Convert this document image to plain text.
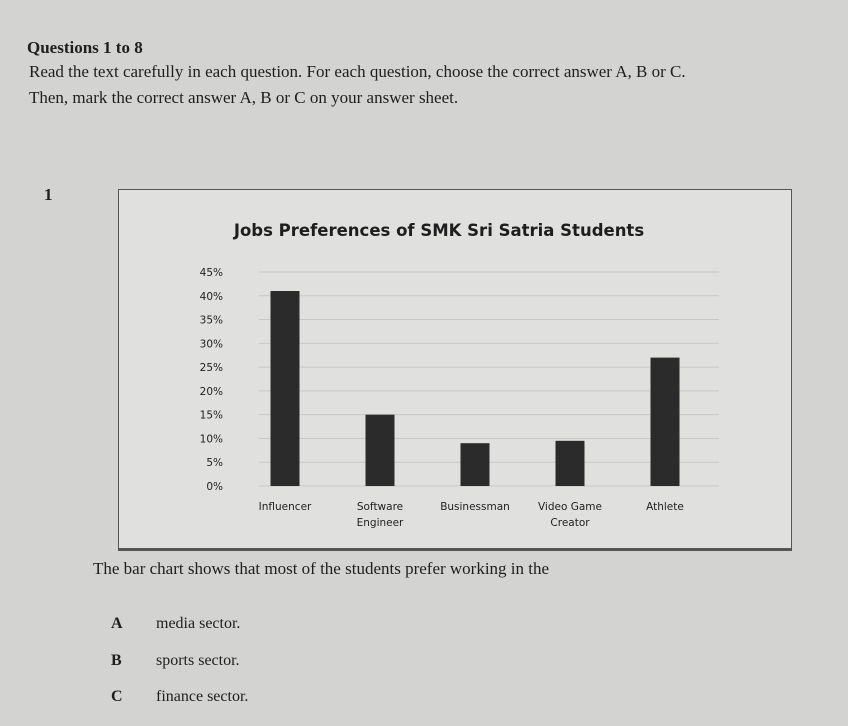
Questions 1 to 8

Read the text carefully in each question. For each question, choose the correct answer A, B or C.

Then, mark the correct answer A, B or C on your answer sheet.

1
Jobs Preferences of SMK Sri Satria Students
0%
5%
10%
15%
20%
25%
30%
35%
40%
45%
Influencer	Software
Engineer
Businessman	Video Game
Creator
Athlete

The bar chart shows that most of the students prefer working in the

A	media sector.
B	sports sector.
C	finance sector.
